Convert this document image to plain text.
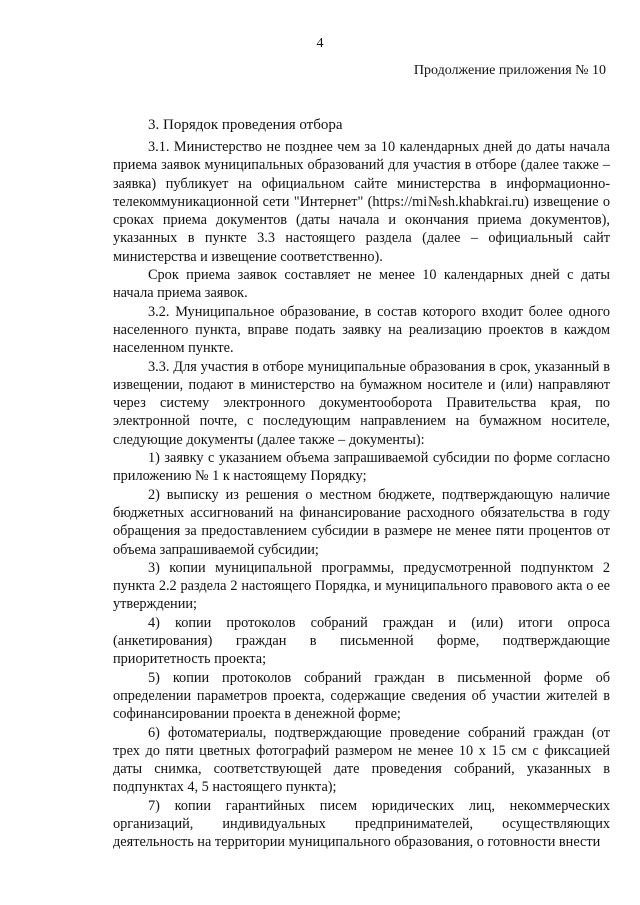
4
Продолжение приложения № 10
3. Порядок проведения отбора

3.1. Министерство не позднее чем за 10 календарных дней до даты начала приема заявок муниципальных образований для участия в отборе (далее также – заявка) публикует на официальном сайте министерства в информационно-телекоммуникационной сети "Интернет" (https://mi№sh.khabkrai.ru) извещение о сроках приема документов (даты начала и окончания приема документов), указанных в пункте 3.3 настоящего раздела (далее – официальный сайт министерства и извещение соответственно).

Срок приема заявок составляет не менее 10 календарных дней с даты начала приема заявок.

3.2. Муниципальное образование, в состав которого входит более одного населенного пункта, вправе подать заявку на реализацию проектов в каждом населенном пункте.

3.3. Для участия в отборе муниципальные образования в срок, указанный в извещении, подают в министерство на бумажном носителе и (или) направляют через систему электронного документооборота Правительства края, по электронной почте, с последующим направлением на бумажном носителе, следующие документы (далее также – документы):

1) заявку с указанием объема запрашиваемой субсидии по форме согласно приложению № 1 к настоящему Порядку;

2) выписку из решения о местном бюджете, подтверждающую наличие бюджетных ассигнований на финансирование расходного обязательства в году обращения за предоставлением субсидии в размере не менее пяти процентов от объема запрашиваемой субсидии;

3) копии муниципальной программы, предусмотренной подпунктом 2 пункта 2.2 раздела 2 настоящего Порядка, и муниципального правового акта о ее утверждении;

4) копии протоколов собраний граждан и (или) итоги опроса (анкетирования) граждан в письменной форме, подтверждающие приоритетность проекта;

5) копии протоколов собраний граждан в письменной форме об определении параметров проекта, содержащие сведения об участии жителей в софинансировании проекта в денежной форме;

6) фотоматериалы, подтверждающие проведение собраний граждан (от трех до пяти цветных фотографий размером не менее 10 х 15 см с фиксацией даты снимка, соответствующей дате проведения собраний, указанных в подпунктах 4, 5 настоящего пункта);

7) копии гарантийных писем юридических лиц, некоммерческих организаций, индивидуальных предпринимателей, осуществляющих деятельность на территории муниципального образования, о готовности внести
